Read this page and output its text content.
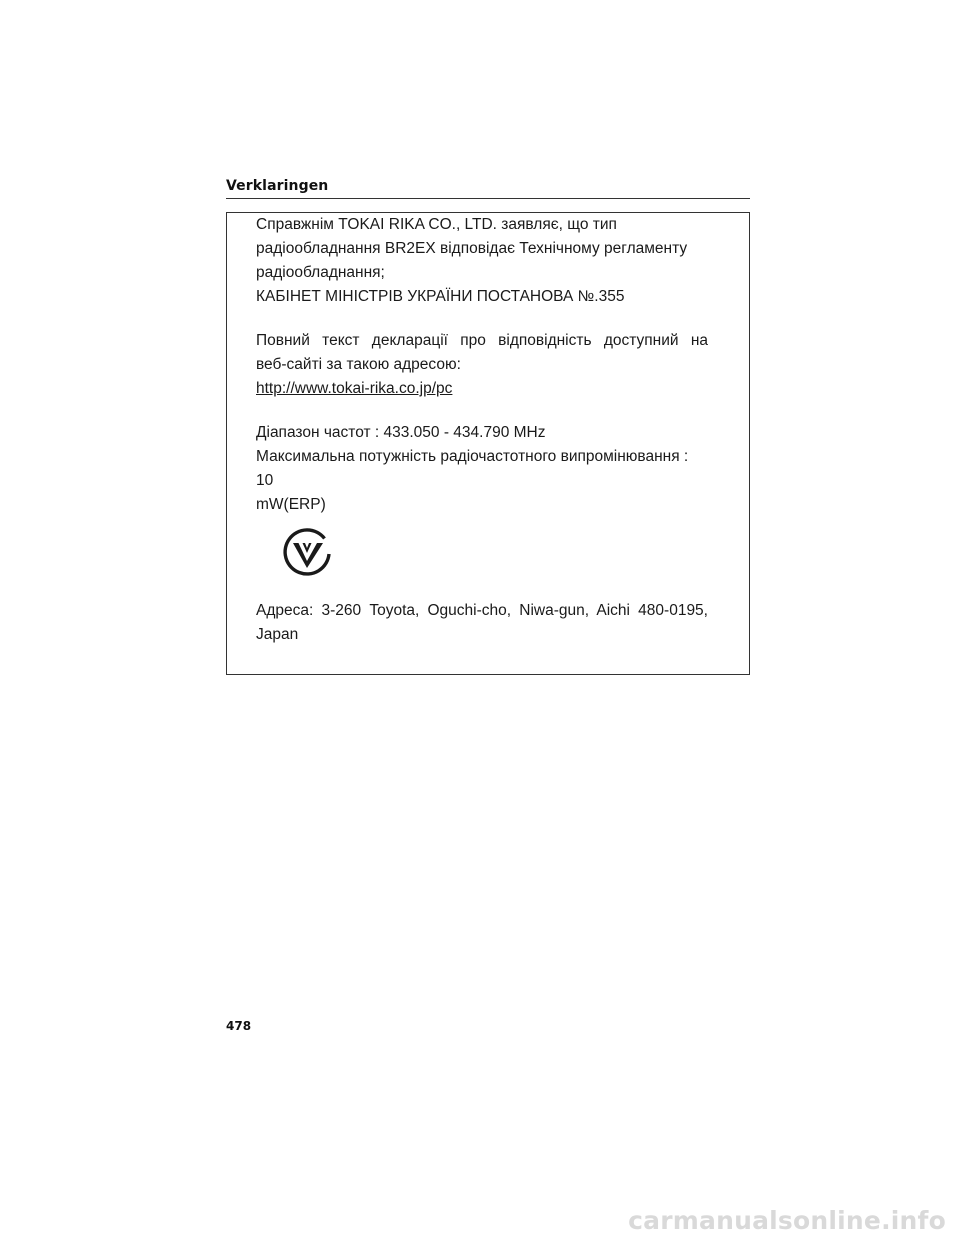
Verklaringen

Справжнім TOKAI RIKA CO., LTD. заявляє, що тип

радіообладнання BR2EX відповідає Технічному регламенту

радіообладнання;

КАБІНЕТ МІНІСТРІВ УКРАЇНИ ПОСТАНОВА №.355

Повний текст декларації про відповідність доступний на

веб-сайті за такою адресою:

http://www.tokai-rika.co.jp/pc

Діапазон частот : 433.050 - 434.790 MHz

Максимальна потужність радіочастотного випромінювання : 10

mW(ERP)

Адреса: 3-260 Toyota, Oguchi-cho, Niwa-gun, Aichi 480-0195,

Japan

478
carmanualsonline.info
